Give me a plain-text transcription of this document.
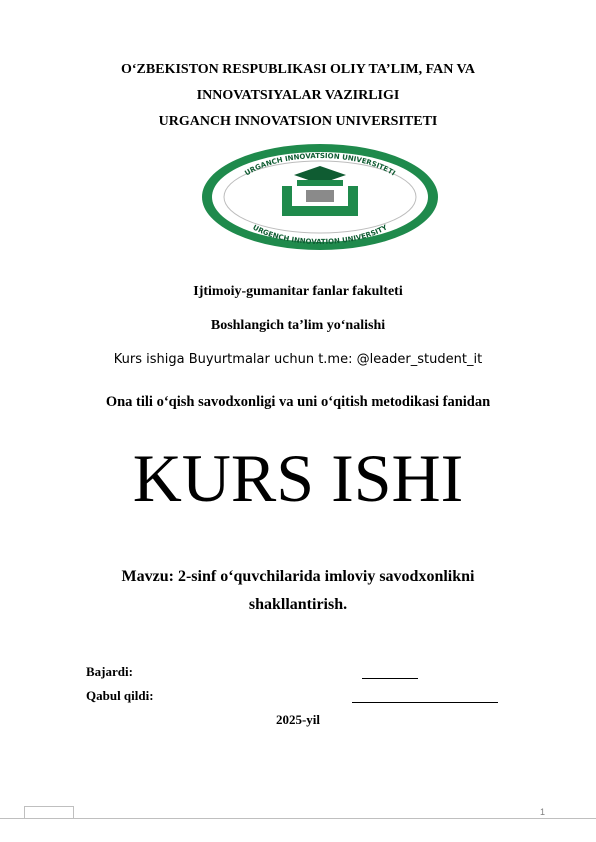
O‘ZBEKISTON RESPUBLIKASI OLIY TA’LIM, FAN VA
INNOVATSIYALAR VAZIRLIGI
URGANCH INNOVATSION UNIVERSITETI
URGANCH INNOVATSION UNIVERSITETI
URGENCH INNOVATION UNIVERSITY
Ijtimoiy-gumanitar fanlar fakulteti
Boshlangich ta’lim yo‘nalishi
Kurs ishiga Buyurtmalar uchun t.me: @leader_student_it
Ona tili o‘qish savodxonligi va uni o‘qitish metodikasi fanidan
KURS ISHI
Mavzu: 2-sinf o‘quvchilarida imloviy savodxonlikni
shakllantirish.
Bajardi:
Qabul qildi:
2025-yil
1
